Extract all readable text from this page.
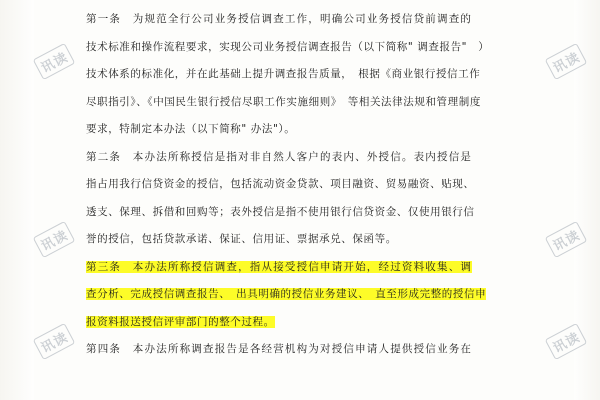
第一条　为规范全行公司业务授信调查工作，明确公司业务授信贷前调查的
技术标准和操作流程要求，实现公司业务授信调查报告（以下简称" 调查报告"　）
技术体系的标准化，并在此基础上提升调查报告质量，　根据《商业银行授信工作
尽职指引》、《中国民生银行授信尽职工作实施细则》　等相关法律法规和管理制度
要求，特制定本办法（以下简称" 办法"）。

第二条　本办法所称授信是指对非自然人客户的表内、外授信。表内授信是
指占用我行信贷资金的授信，包括流动资金贷款、项目融资、贸易融资、贴现、
透支、保理、拆借和回购等；表外授信是指不使用银行信贷资金、仅使用银行信
誉的授信，包括贷款承诺、保证、信用证、票据承兑、保函等。

第三条　本办法所称授信调查，指从接受授信申请开始，经过资料收集、调
查分析、完成授信调查报告、　出具明确的授信业务建议、　直至形成完整的授信申
报资料报送授信评审部门的整个过程。

第四条　本办法所称调查报告是各经营机构为对授信申请人提供授信业务在

讯读
讯读
讯读
讯读
讯读
讯读
